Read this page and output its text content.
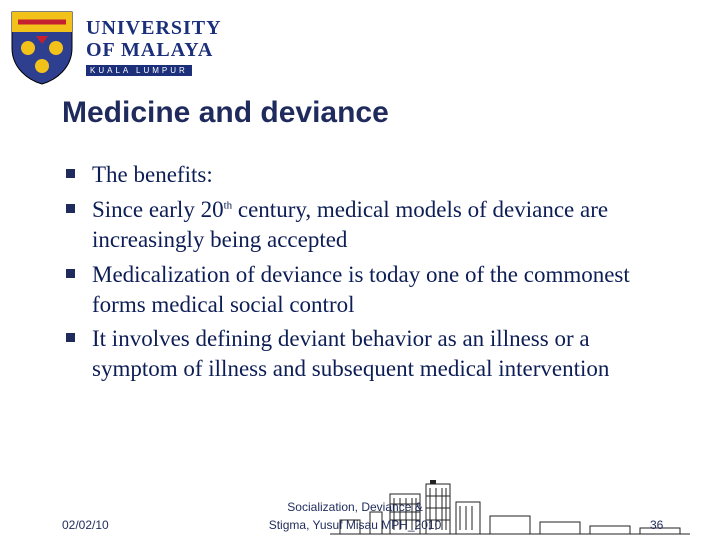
UNIVERSITY
OF MALAYA
KUALA LUMPUR
Medicine and deviance
The benefits:
Since early 20th century, medical models of deviance are increasingly being accepted
Medicalization of deviance is today one of the commonest forms medical social control
It involves defining deviant behavior as an illness or a symptom of illness and subsequent medical intervention
02/02/10
Socialization, Deviance &
Stigma, Yusuf Misau MPH_2010	36
